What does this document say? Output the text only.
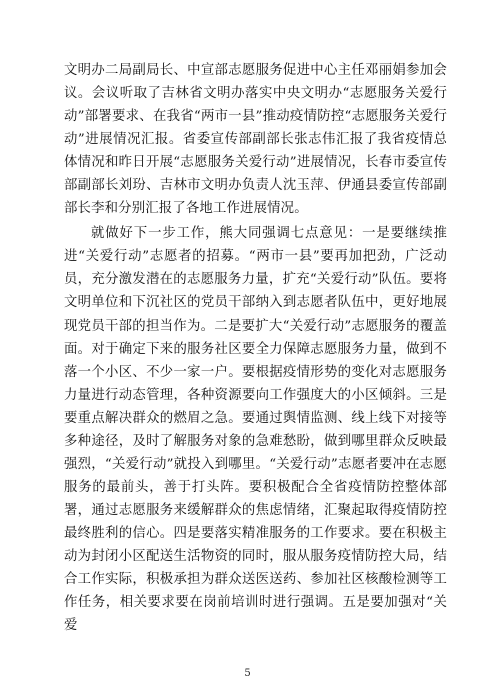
文明办二局副局长、中宣部志愿服务促进中心主任邓丽娟参加会议。会议听取了吉林省文明办落实中央文明办“志愿服务关爱行动”部署要求、在我省“两市一县”推动疫情防控“志愿服务关爱行动”进展情况汇报。省委宣传部副部长张志伟汇报了我省疫情总体情况和昨日开展“志愿服务关爱行动”进展情况，长春市委宣传部副部长刘玢、吉林市文明办负责人沈玉萍、伊通县委宣传部副部长李和分别汇报了各地工作进展情况。

就做好下一步工作，熊大同强调七点意见：一是要继续推进“关爱行动”志愿者的招募。“两市一县”要再加把劲，广泛动员，充分激发潜在的志愿服务力量，扩充“关爱行动”队伍。要将文明单位和下沉社区的党员干部纳入到志愿者队伍中，更好地展现党员干部的担当作为。二是要扩大“关爱行动”志愿服务的覆盖面。对于确定下来的服务社区要全力保障志愿服务力量，做到不落一个小区、不少一家一户。要根据疫情形势的变化对志愿服务力量进行动态管理，各种资源要向工作强度大的小区倾斜。三是要重点解决群众的燃眉之急。要通过舆情监测、线上线下对接等多种途径，及时了解服务对象的急难愁盼，做到哪里群众反映最强烈，“关爱行动”就投入到哪里。“关爱行动”志愿者要冲在志愿服务的最前头，善于打头阵。要积极配合全省疫情防控整体部署，通过志愿服务来缓解群众的焦虑情绪，汇聚起取得疫情防控最终胜利的信心。四是要落实精准服务的工作要求。要在积极主动为封闭小区配送生活物资的同时，服从服务疫情防控大局，结合工作实际，积极承担为群众送医送药、参加社区核酸检测等工作任务，相关要求要在岗前培训时进行强调。五是要加强对“关爱

5
